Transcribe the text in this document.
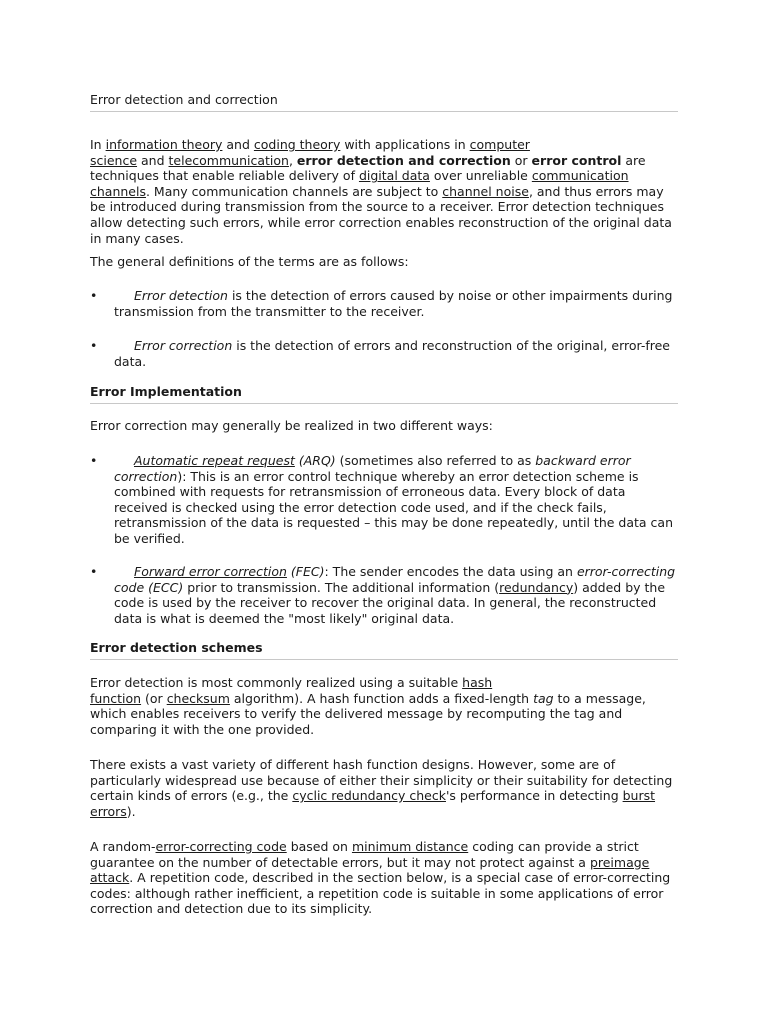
Error detection and correction

In information theory and coding theory with applications in computer
science and telecommunication, error detection and correction or error control are techniques that enable reliable delivery of digital data over unreliable communication channels. Many communication channels are subject to channel noise, and thus errors may be introduced during transmission from the source to a receiver. Error detection techniques allow detecting such errors, while error correction enables reconstruction of the original data in many cases.

The general definitions of the terms are as follows:

•	Error detection is the detection of errors caused by noise or other impairments during transmission from the transmitter to the receiver.
•	Error correction is the detection of errors and reconstruction of the original, error-free data.
Error Implementation

Error correction may generally be realized in two different ways:

•	Automatic repeat request (ARQ) (sometimes also referred to as backward error correction): This is an error control technique whereby an error detection scheme is combined with requests for retransmission of erroneous data. Every block of data received is checked using the error detection code used, and if the check fails, retransmission of the data is requested – this may be done repeatedly, until the data can be verified.
•	Forward error correction (FEC): The sender encodes the data using an error-correcting code (ECC) prior to transmission. The additional information (redundancy) added by the code is used by the receiver to recover the original data. In general, the reconstructed data is what is deemed the "most likely" original data.
Error detection schemes

Error detection is most commonly realized using a suitable hash
function (or checksum algorithm). A hash function adds a fixed-length tag to a message, which enables receivers to verify the delivered message by recomputing the tag and comparing it with the one provided.

There exists a vast variety of different hash function designs. However, some are of particularly widespread use because of either their simplicity or their suitability for detecting certain kinds of errors (e.g., the cyclic redundancy check's performance in detecting burst errors).

A random-error-correcting code based on minimum distance coding can provide a strict guarantee on the number of detectable errors, but it may not protect against a preimage attack. A repetition code, described in the section below, is a special case of error-correcting codes: although rather inefficient, a repetition code is suitable in some applications of error correction and detection due to its simplicity.
